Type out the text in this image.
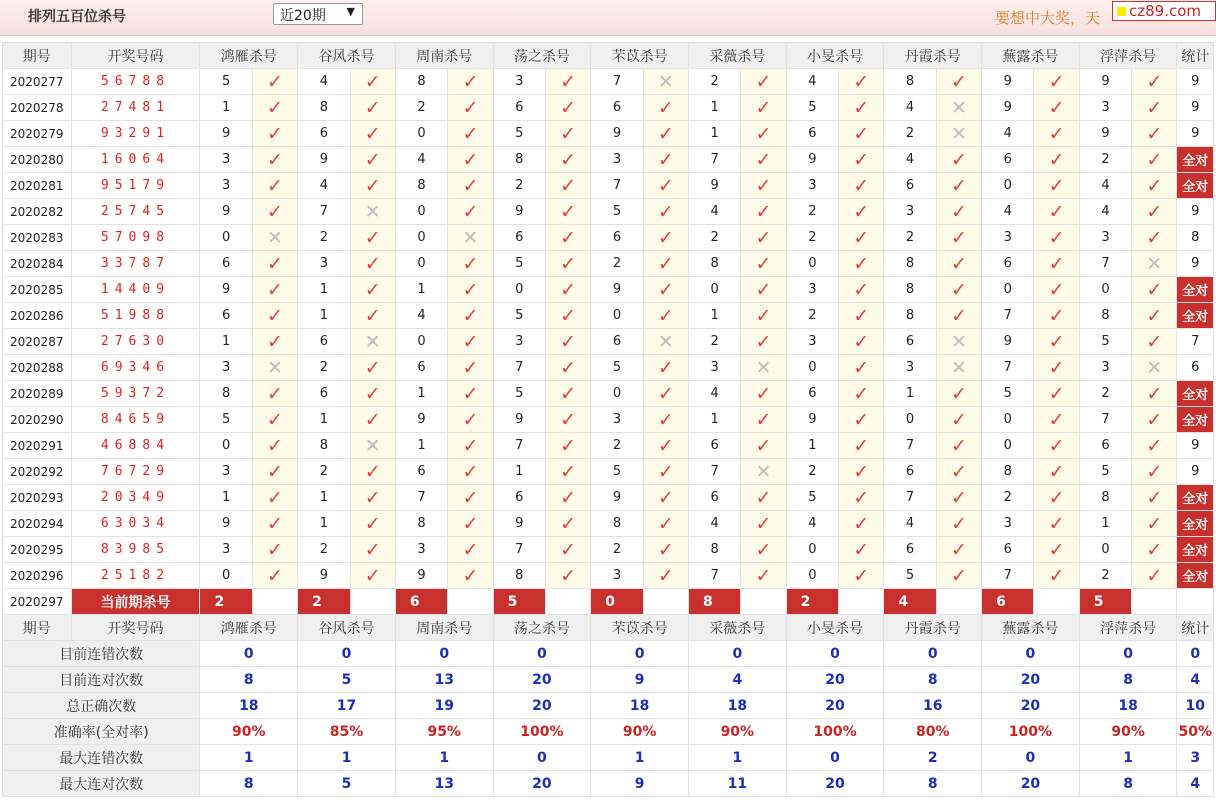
排列五百位杀号	近20期 ▼	要想中大奖，天	cz89.com
期号	开奖号码	鸿雁杀号		谷风杀号		周南杀号		荡之杀号		芣苡杀号		采薇杀号		小旻杀号		丹霞杀号		蕪露杀号		浮萍杀号		统计
2020277	56788	5	✓	4	✓	8	✓	3	✓	7	✕	2	✓	4	✓	8	✓	9	✓	9	✓	9
2020278	27481	1	✓	8	✓	2	✓	6	✓	6	✓	1	✓	5	✓	4	✕	9	✓	3	✓	9
2020279	93291	9	✓	6	✓	0	✓	5	✓	9	✓	1	✓	6	✓	2	✕	4	✓	9	✓	9
2020280	16064	3	✓	9	✓	4	✓	8	✓	3	✓	7	✓	9	✓	4	✓	6	✓	2	✓	全对
2020281	95179	3	✓	4	✓	8	✓	2	✓	7	✓	9	✓	3	✓	6	✓	0	✓	4	✓	全对
2020282	25745	9	✓	7	✕	0	✓	9	✓	5	✓	4	✓	2	✓	3	✓	4	✓	4	✓	9
2020283	57098	0	✕	2	✓	0	✕	6	✓	6	✓	2	✓	2	✓	2	✓	3	✓	3	✓	8
2020284	33787	6	✓	3	✓	0	✓	5	✓	2	✓	8	✓	0	✓	8	✓	6	✓	7	✕	9
2020285	14409	9	✓	1	✓	1	✓	0	✓	9	✓	0	✓	3	✓	8	✓	0	✓	0	✓	全对
2020286	51988	6	✓	1	✓	4	✓	5	✓	0	✓	1	✓	2	✓	8	✓	7	✓	8	✓	全对
2020287	27630	1	✓	6	✕	0	✓	3	✓	6	✕	2	✓	3	✓	6	✕	9	✓	5	✓	7
2020288	69346	3	✕	2	✓	6	✓	7	✓	5	✓	3	✕	0	✓	3	✕	7	✓	3	✕	6
2020289	59372	8	✓	6	✓	1	✓	5	✓	0	✓	4	✓	6	✓	1	✓	5	✓	2	✓	全对
2020290	84659	5	✓	1	✓	9	✓	9	✓	3	✓	1	✓	9	✓	0	✓	0	✓	7	✓	全对
2020291	46884	0	✓	8	✕	1	✓	7	✓	2	✓	6	✓	1	✓	7	✓	0	✓	6	✓	9
2020292	76729	3	✓	2	✓	6	✓	1	✓	5	✓	7	✕	2	✓	6	✓	8	✓	5	✓	9
2020293	20349	1	✓	1	✓	7	✓	6	✓	9	✓	6	✓	5	✓	7	✓	2	✓	8	✓	全对
2020294	63034	9	✓	1	✓	8	✓	9	✓	8	✓	4	✓	4	✓	4	✓	3	✓	1	✓	全对
2020295	83985	3	✓	2	✓	3	✓	7	✓	2	✓	8	✓	0	✓	6	✓	6	✓	0	✓	全对
2020296	25182	0	✓	9	✓	9	✓	8	✓	3	✓	7	✓	0	✓	5	✓	7	✓	2	✓	全对
2020297	当前期杀号	2		2		6		5		0		8		2		4		6		5		
期号	开奖号码	鸿雁杀号		谷风杀号		周南杀号		荡之杀号		芣苡杀号		采薇杀号		小旻杀号		丹霞杀号		蕪露杀号		浮萍杀号		统计
目前连错次数		0		0		0		0		0		0		0		0		0		0		0
目前连对次数		8		5		13		20		9		4		20		8		20		8		4
总正确次数		18		17		19		20		18		18		20		16		20		18		10
准确率(全对率)		90%		85%		95%		100%		90%		90%		100%		80%		100%		90%		50%
最大连错次数		1		1		1		0		1		1		0		2		0		1		3
最大连对次数		8		5		13		20		9		11		20		8		20		8		4
